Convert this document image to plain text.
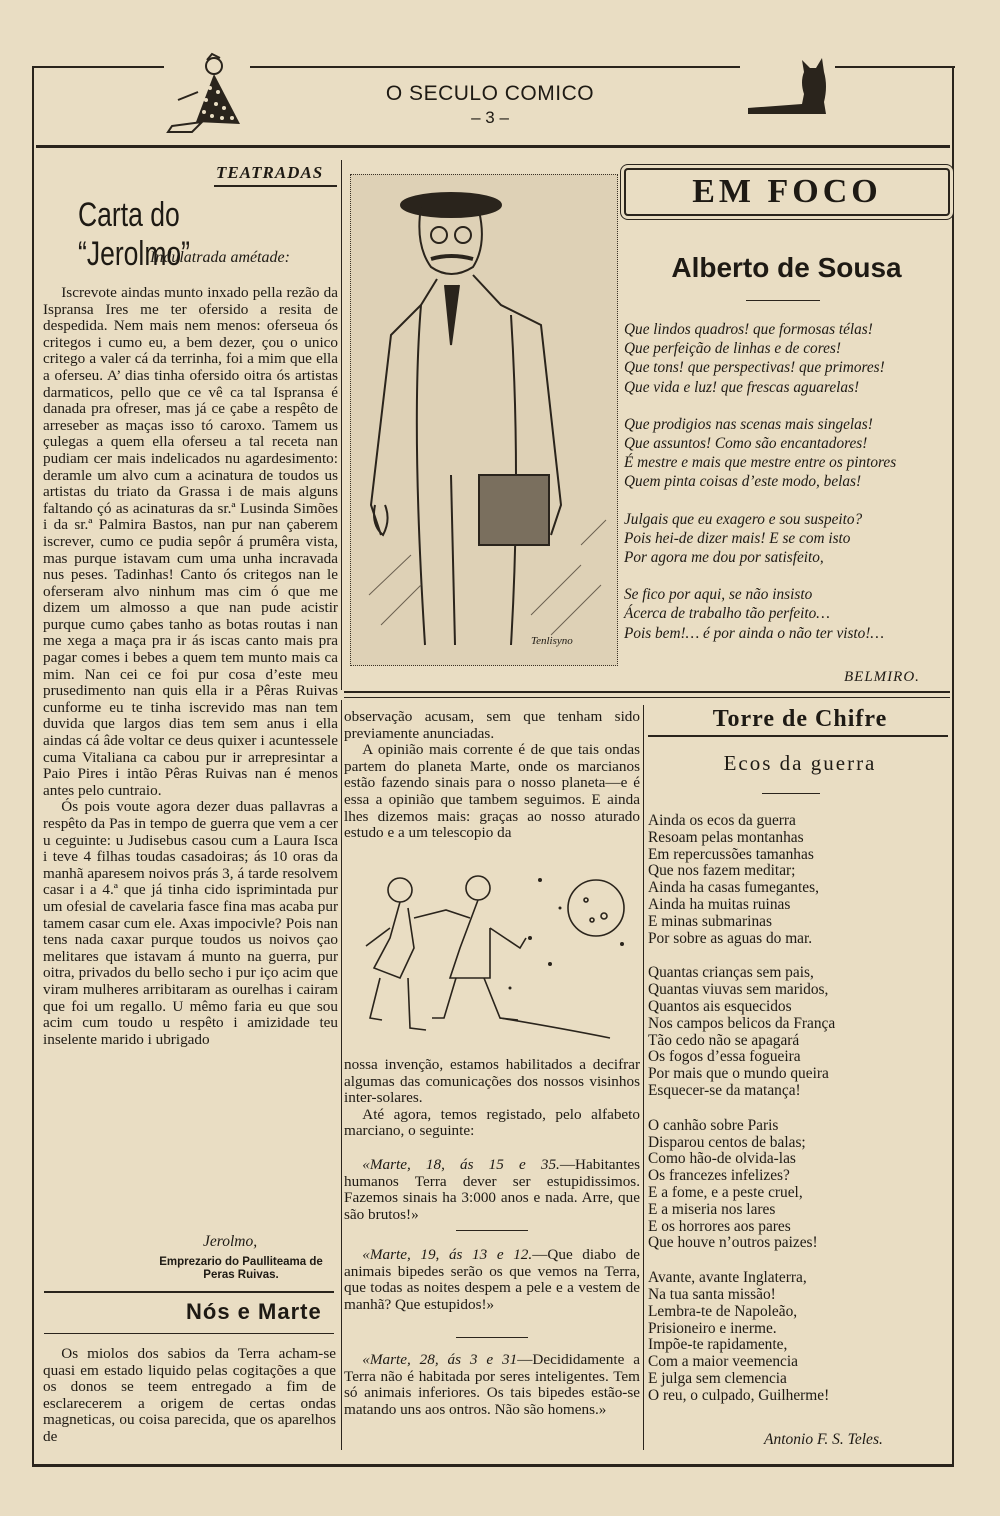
O SECULO COMICO
– 3 –
TEATRADAS
Carta do “Jerolmo”
Indulatrada amétade:

Iscrevote aindas munto inxado pella rezão da Ispransa Ires me ter ofersido a resita de despedida. Nem mais nem menos: oferseua ós critegos i cumo eu, a bem dezer, çou o unico critego a valer cá da terrinha, foi a mim que ella a oferseu. A’ dias tinha ofersido oitra ós artistas darmaticos, pello que ce vê ca tal Ispransa é danada pra ofreser, mas já ce çabe a respêto de arreseber as maças isso tó caroxo. Tamem us çulegas a quem ella oferseu a tal receta nan pudiam cer mais indelicados nu agardesimento: deramle um alvo cum a acinatura de toudos us artistas du triato da Grassa i de mais alguns faltando çó as acinaturas da sr.ª Lusinda Simões i da sr.ª Palmira Bastos, nan pur nan çaberem iscrever, cumo ce pudia sepôr á prumêra vista, mas purque istavam cum uma unha incravada nus peses. Tadinhas! Canto ós critegos nan le oferseram alvo ninhum mas cim ó que me dizem um almosso a que nan pude acistir purque cumo çabes tanho as botas routas i nan me xega a maça pra ir ás iscas canto mais pra pagar comes i bebes a quem tem munto mais ca mim. Nan cei ce foi pur cosa d’este meu prusedimento nan quis ella ir a Pêras Ruivas cunforme eu te tinha iscrevido mas nan tem duvida que largos dias tem sem anus i ella aindas cá âde voltar ce deus quixer i acuntessele cuma Vitaliana ca cabou pur ir arrepresintar a Paio Pires i intão Pêras Ruivas nan é menos antes pelo cuntraio.

Ós pois voute agora dezer duas pallavras a respêto da Pas in tempo de guerra que vem a cer u ceguinte: u Judisebus casou cum a Laura Isca i teve 4 filhas toudas casadoiras; ás 10 oras da manhã aparesem noivos prás 3, á tarde resolvem casar i a 4.ª que já tinha cido isprimintada pur um ofesial de cavelaria fasce fina mas acaba pur tamem casar cum ele. Axas impocivle? Pois nan tens nada caxar purque toudos us noivos çao melitares que istavam á munto na guerra, pur oitra, privados du bello secho i pur iço acim que viram mulheres arribitaram as ourelhas i cairam que foi um regallo. U mêmo faria eu que sou acim cum toudo u respêto i amizidade teu inselente marido i ubrigado

Jerolmo,
Emprezario do Paulliteama de Peras Ruivas.
Nós e Marte

Os miolos dos sabios da Terra acham-se quasi em estado liquido pelas cogitações a que os donos se teem entregado a fim de esclarecerem a origem de certas ondas magneticas, ou coisa parecida, que os aparelhos de

Tenlisyno
EM FOCO
Alberto de Sousa
Que lindos quadros! que formosas télas!
Que perfeição de linhas e de cores!
Que tons! que perspectivas! que primores!
Que vida e luz! que frescas aguarelas!
Que prodigios nas scenas mais singelas!
Que assuntos! Como são encantadores!
É mestre e mais que mestre entre os pintores
Quem pinta coisas d’este modo, belas!
Julgais que eu exagero e sou suspeito?
Pois hei-de dizer mais! E se com isto
Por agora me dou por satisfeito,
Se fico por aqui, se não insisto
Ácerca de trabalho tão perfeito…
Pois bem!… é por ainda o não ter visto!…
BELMIRO.

observação acusam, sem que tenham sido previamente anunciadas.

A opinião mais corrente é de que tais ondas partem do planeta Marte, onde os marcianos estão fazendo sinais para o nosso planeta—e é essa a opinião que tambem seguimos. E ainda lhes dizemos mais: graças ao nosso aturado estudo e a um telescopio da

nossa invenção, estamos habilitados a decifrar algumas das comunicações dos nossos visinhos inter-solares.

Até agora, temos registado, pelo alfabeto marciano, o seguinte:

«Marte, 18, ás 15 e 35.—Habitantes humanos Terra dever ser estupidissimos. Fazemos sinais ha 3:000 anos e nada. Arre, que são brutos!»

«Marte, 19, ás 13 e 12.—Que diabo de animais bipedes serão os que vemos na Terra, que todas as noites despem a pele e a vestem de manhã? Que estupidos!»

«Marte, 28, ás 3 e 31—Decididamente a Terra não é habitada por seres inteligentes. Tem só animais inferiores. Os tais bipedes estão-se matando uns aos ontros. Não são homens.»

Torre de Chifre
Ecos da guerra
Ainda os ecos da guerra
Resoam pelas montanhas
Em repercussões tamanhas
Que nos fazem meditar;
Ainda ha casas fumegantes,
Ainda ha muitas ruinas
E minas submarinas
Por sobre as aguas do mar.
Quantas crianças sem pais,
Quantas viuvas sem maridos,
Quantos ais esquecidos
Nos campos belicos da França
Tão cedo não se apagará
Os fogos d’essa fogueira
Por mais que o mundo queira
Esquecer-se da matança!
O canhão sobre Paris
Disparou centos de balas;
Como hão-de olvida-las
Os francezes infelizes?
E a fome, e a peste cruel,
E a miseria nos lares
E os horrores aos pares
Que houve n’outros paizes!
Avante, avante Inglaterra,
Na tua santa missão!
Lembra-te de Napoleão,
Prisioneiro e inerme.
Impõe-te rapidamente,
Com a maior veemencia
E julga sem clemencia
O reu, o culpado, Guilherme!
Antonio F. S. Teles.
